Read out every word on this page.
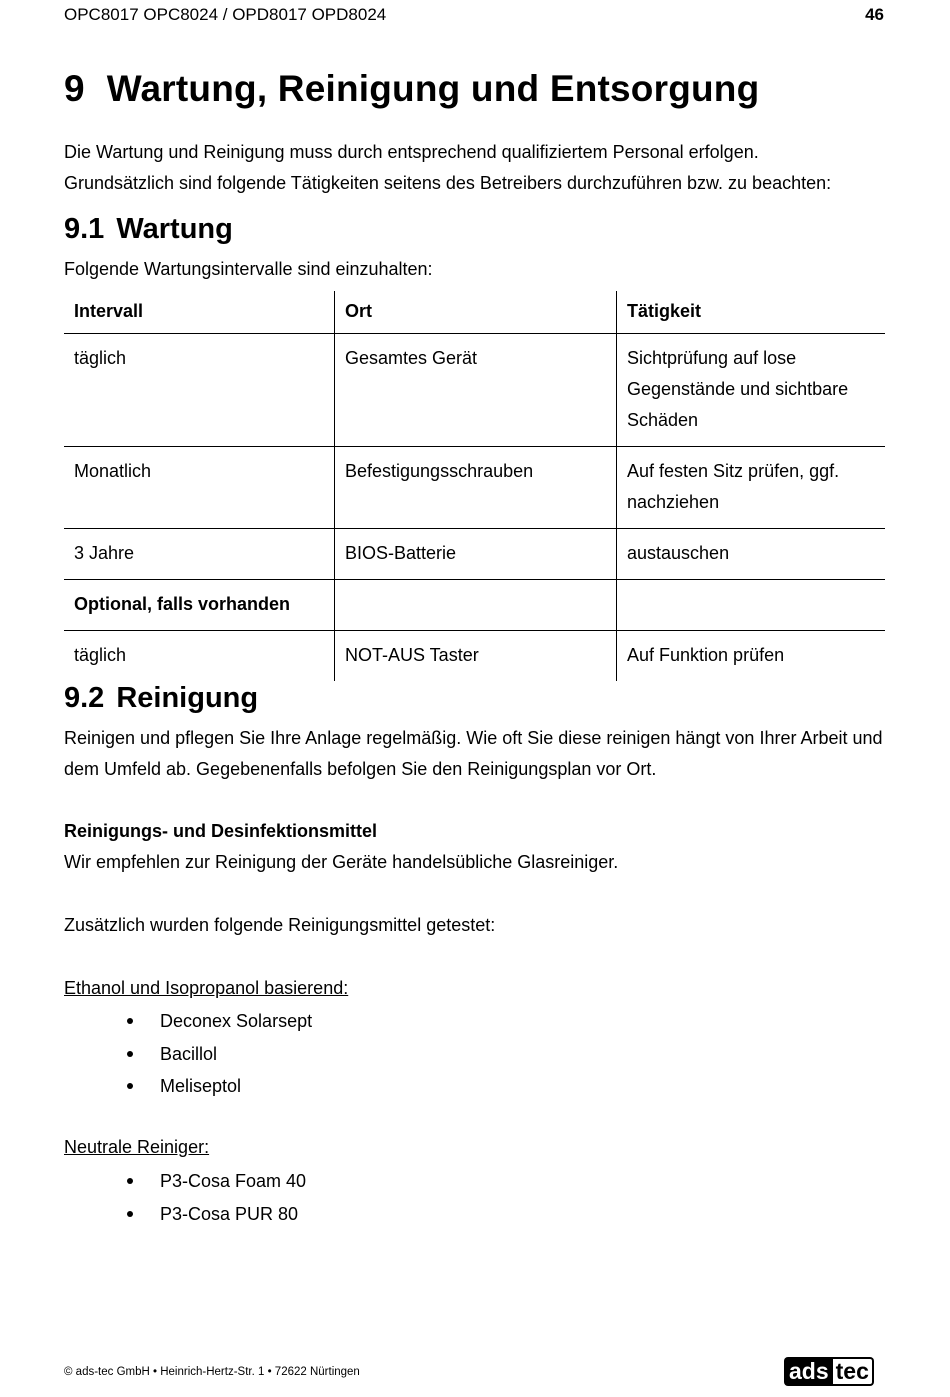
OPC8017 OPC8024 / OPD8017 OPD8024	46
9 Wartung, Reinigung und Entsorgung

Die Wartung und Reinigung muss durch entsprechend qualifiziertem Personal erfolgen.

Grundsätzlich sind folgende Tätigkeiten seitens des Betreibers durchzuführen bzw. zu beachten:

9.1 Wartung

Folgende Wartungsintervalle sind einzuhalten:

Intervall	Ort	Tätigkeit
täglich	Gesamtes Gerät	Sichtprüfung auf lose Gegenstände und sichtbare Schäden
Monatlich	Befestigungsschrauben	Auf festen Sitz prüfen, ggf. nachziehen
3 Jahre	BIOS-Batterie	austauschen
Optional, falls vorhanden		
täglich	NOT-AUS Taster	Auf Funktion prüfen
9.2 Reinigung

Reinigen und pflegen Sie Ihre Anlage regelmäßig. Wie oft Sie diese reinigen hängt von Ihrer Arbeit und dem Umfeld ab. Gegebenenfalls befolgen Sie den Reinigungsplan vor Ort.

Reinigungs- und Desinfektionsmittel

Wir empfehlen zur Reinigung der Geräte handelsübliche Glasreiniger.

Zusätzlich wurden folgende Reinigungsmittel getestet:

Ethanol und Isopropanol basierend:

Deconex Solarsept
Bacillol
Meliseptol

Neutrale Reiniger:

P3-Cosa Foam 40
P3-Cosa PUR 80
© ads-tec GmbH • Heinrich-Hertz-Str. 1 • 72622 Nürtingen	ads tec
